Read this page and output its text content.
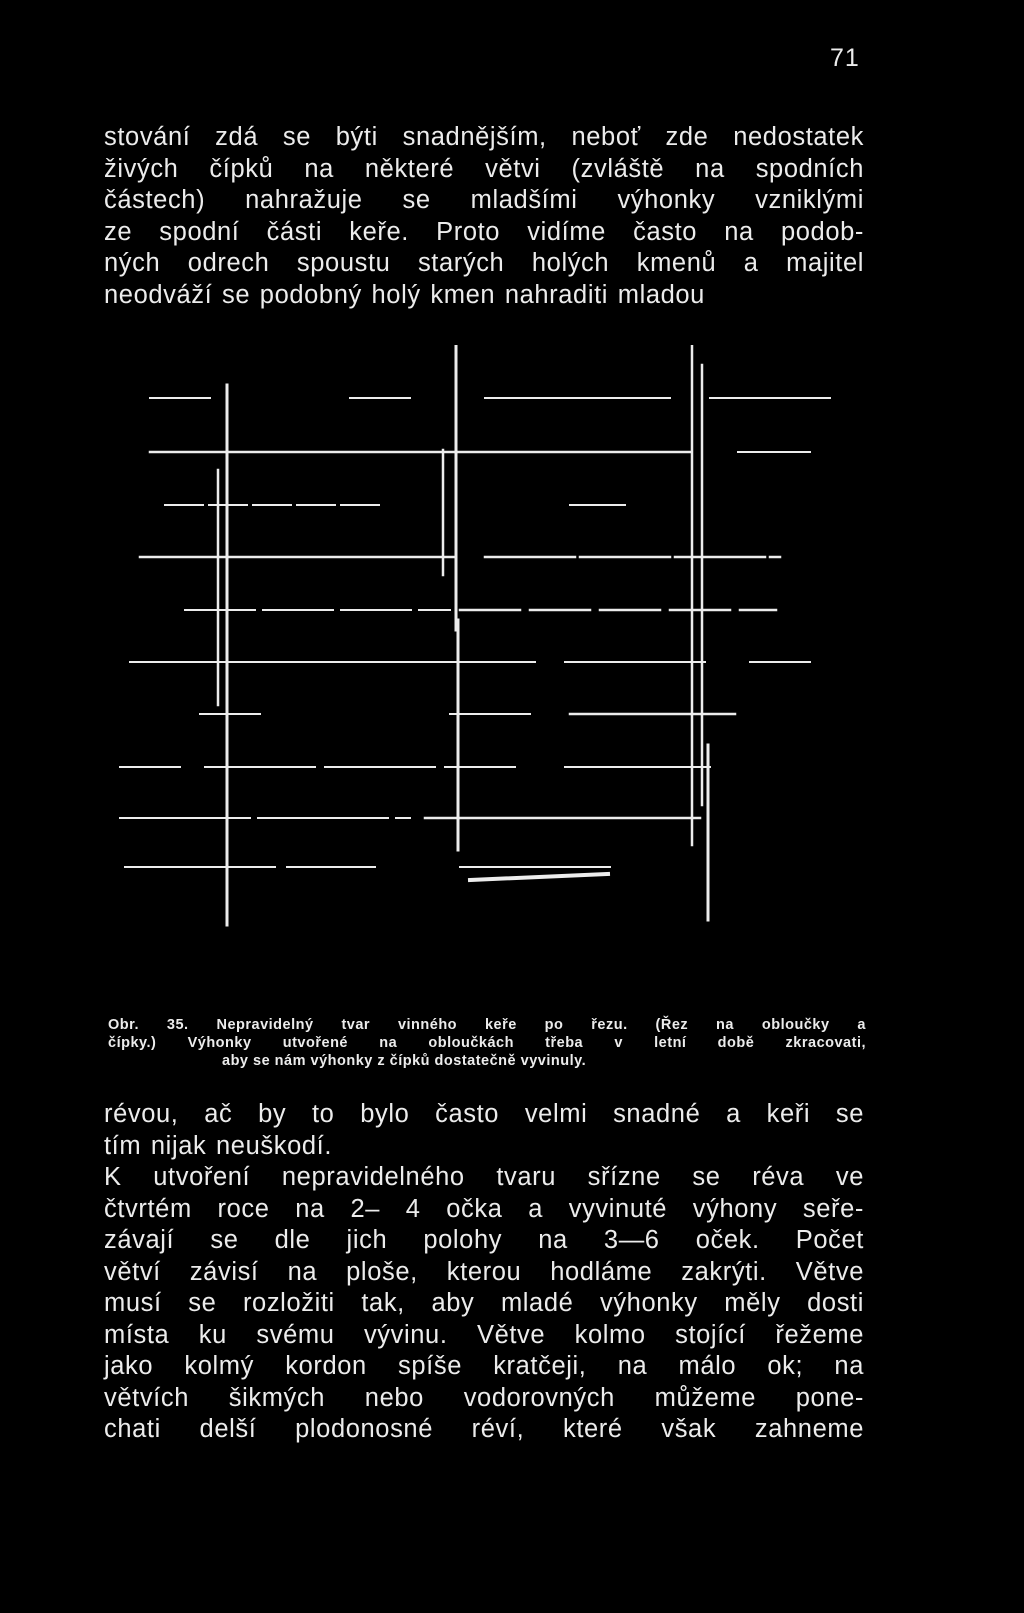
71
stování zdá se býti snadnějším, neboť zde nedostatek
živých čípků na některé větvi (zvláště na spodních
částech) nahražuje se mladšími výhonky vzniklými
ze spodní části keře. Proto vidíme často na podob-
ných odrech spoustu starých holých kmenů a majitel
neodváží se podobný holý kmen nahraditi mladou
Obr. 35. Nepravidelný tvar vinného keře po řezu. (Řez na obloučky a
čípky.) Výhonky utvořené na obloučkách třeba v letní době zkracovati,
aby se nám výhonky z čípků dostatečně vyvinuly.
révou, ač by to bylo často velmi snadné a keři se
tím nijak neuškodí.
K utvoření nepravidelného tvaru sřízne se réva ve
čtvrtém roce na 2– 4 očka a vyvinuté výhony seře-
závají se dle jich polohy na 3—6 oček. Počet
větví závisí na ploše, kterou hodláme zakrýti. Větve
musí se rozložiti tak, aby mladé výhonky měly dosti
místa ku svému vývinu. Větve kolmo stojící řežeme
jako kolmý kordon spíše kratčeji, na málo ok; na
větvích šikmých nebo vodorovných můžeme pone-
chati delší plodonosné réví, které však zahneme
